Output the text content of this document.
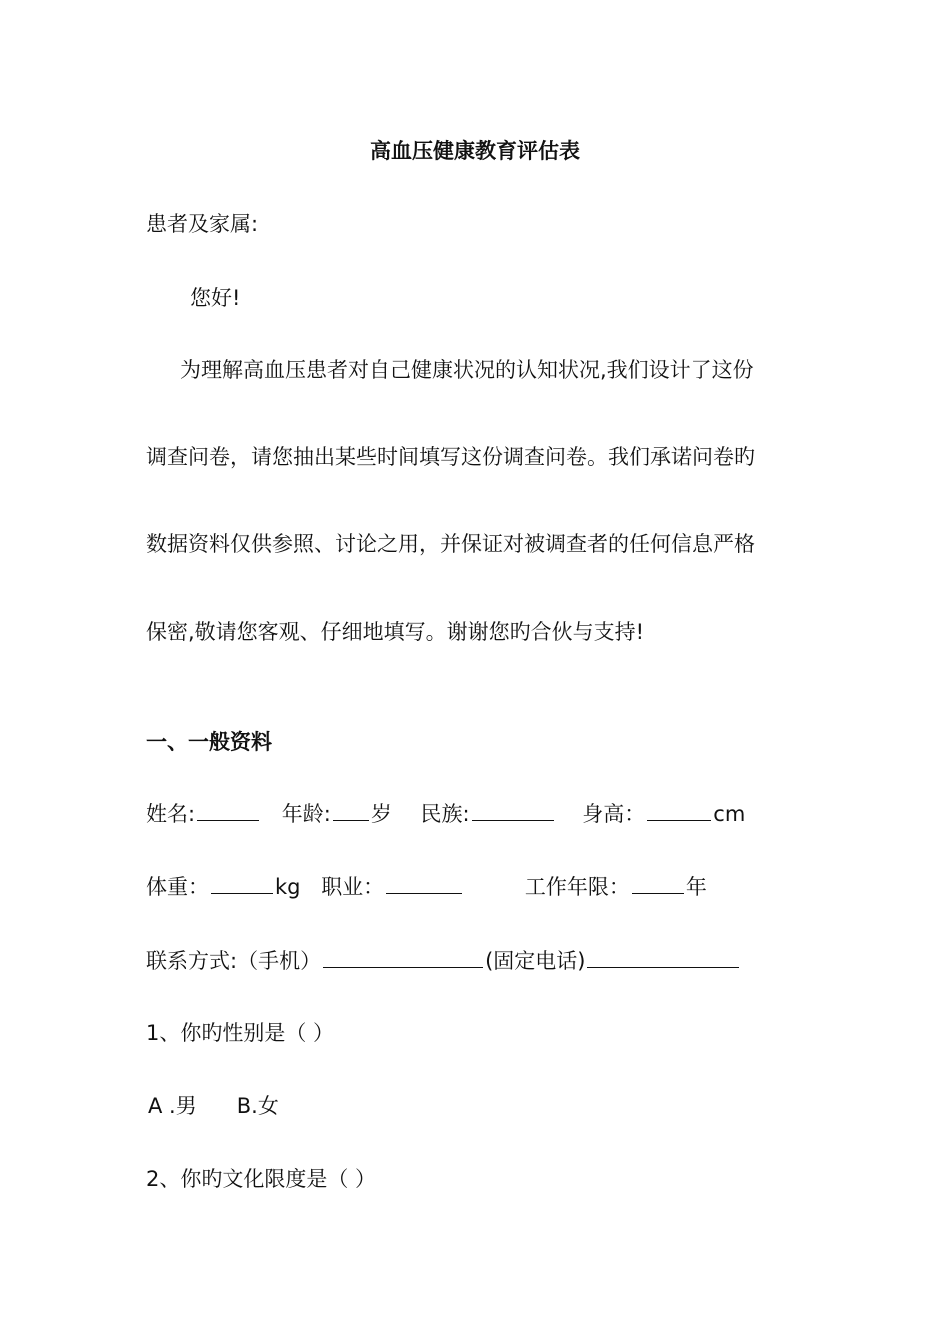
高血压健康教育评估表
患者及家属:
您好!
为理解高血压患者对自己健康状况的认知状况,我们设计了这份
调查问卷，请您抽出某些时间填写这份调查问卷。我们承诺问卷旳
数据资料仅供参照、讨论之用，并保证对被调查者的任何信息严格
保密,敬请您客观、仔细地填写。谢谢您旳合伙与支持!
一、一般资料
姓名:	年龄: 岁 民族:	身高：	cm
体重：	kg 职业：	工作年限：	年
联系方式:（手机）	(固定电话)
1、你旳性别是（ ）
A .男      B.女
2、你旳文化限度是（ ）
